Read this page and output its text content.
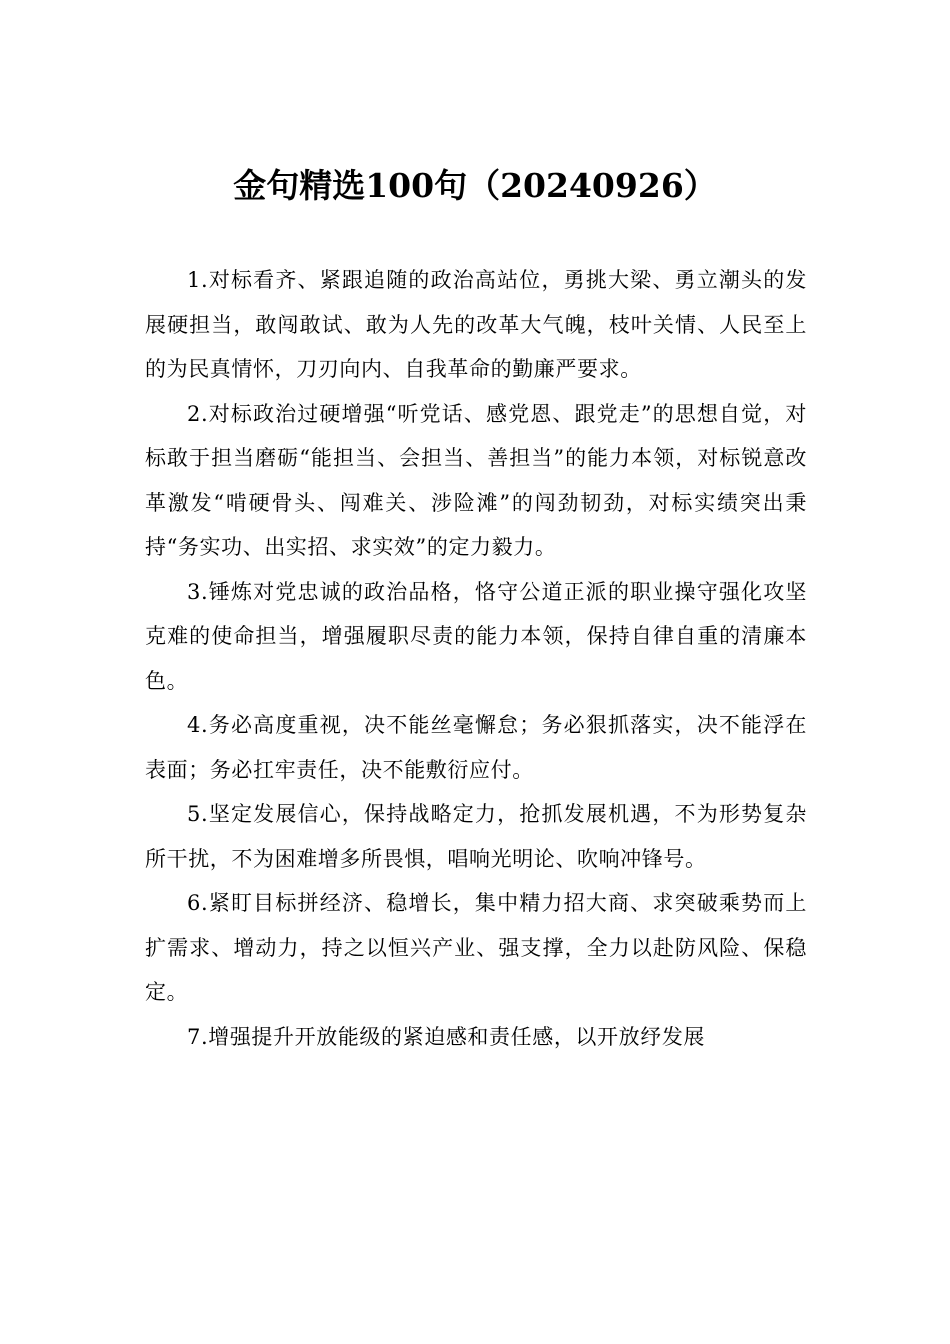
金句精选100句（20240926）

1.对标看齐、紧跟追随的政治高站位，勇挑大梁、勇立潮头的发展硬担当，敢闯敢试、敢为人先的改革大气魄，枝叶关情、人民至上的为民真情怀，刀刃向内、自我革命的勤廉严要求。

2.对标政治过硬增强“听党话、感党恩、跟党走”的思想自觉，对标敢于担当磨砺“能担当、会担当、善担当”的能力本领，对标锐意改革激发“啃硬骨头、闯难关、涉险滩”的闯劲韧劲，对标实绩突出秉持“务实功、出实招、求实效”的定力毅力。

3.锤炼对党忠诚的政治品格，恪守公道正派的职业操守强化攻坚克难的使命担当，增强履职尽责的能力本领，保持自律自重的清廉本色。

4.务必高度重视，决不能丝毫懈怠；务必狠抓落实，决不能浮在表面；务必扛牢责任，决不能敷衍应付。

5.坚定发展信心，保持战略定力，抢抓发展机遇，不为形势复杂所干扰，不为困难增多所畏惧，唱响光明论、吹响冲锋号。

6.紧盯目标拼经济、稳增长，集中精力招大商、求突破乘势而上扩需求、增动力，持之以恒兴产业、强支撑，全力以赴防风险、保稳定。

7.增强提升开放能级的紧迫感和责任感，以开放纾发展
